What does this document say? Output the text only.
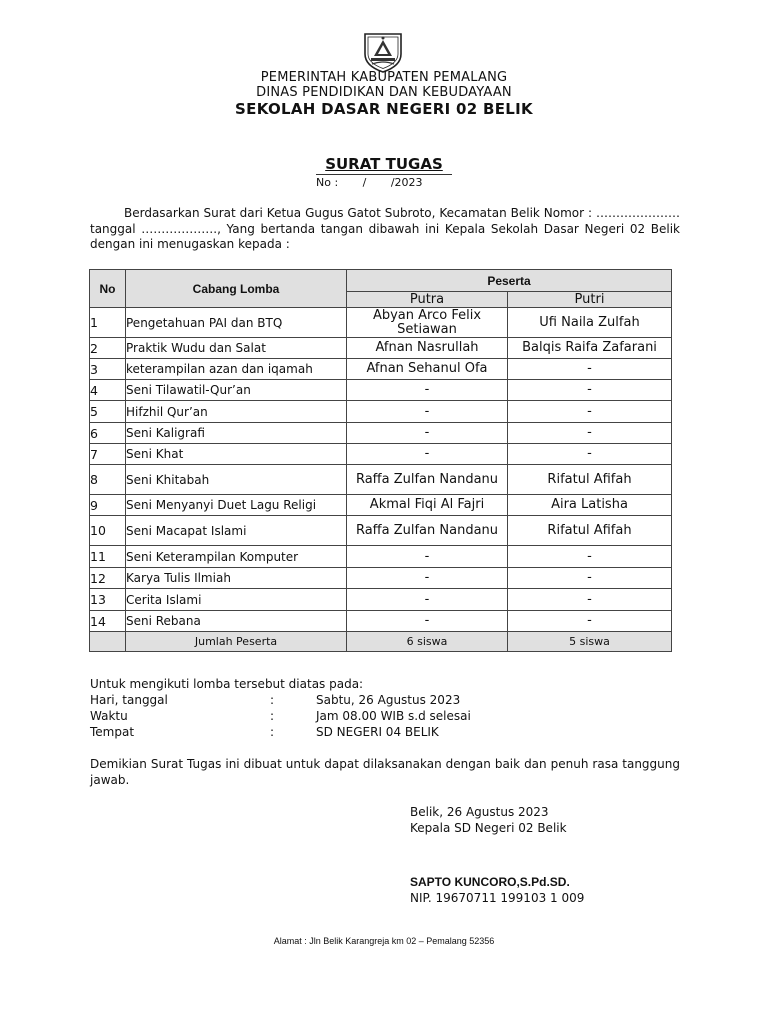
PEMERINTAH KABUPATEN PEMALANG
DINAS PENDIDIKAN DAN KEBUDAYAAN
SEKOLAH DASAR NEGERI 02 BELIK
SURAT TUGAS
No :       /       /2023
Berdasarkan Surat dari Ketua Gugus Gatot Subroto, Kecamatan Belik Nomor : ………………… tanggal ………………., Yang bertanda tangan dibawah ini Kepala Sekolah Dasar Negeri 02 Belik dengan ini menugaskan kepada :
No	Cabang Lomba	Peserta	
		Putra	Putri
1	Pengetahuan PAI dan BTQ	Abyan Arco Felix Setiawan	Ufi Naila Zulfah
2	Praktik Wudu dan Salat	Afnan Nasrullah	Balqis Raifa Zafarani
3	keterampilan azan dan iqamah	Afnan Sehanul Ofa	-
4	Seni Tilawatil-Qur’an	-	-
5	Hifzhil Qur’an	-	-
6	Seni Kaligrafi	-	-
7	Seni Khat	-	-
8	Seni Khitabah	Raffa Zulfan Nandanu	Rifatul Afifah
9	Seni Menyanyi Duet Lagu Religi	Akmal Fiqi Al Fajri	Aira Latisha
10	Seni Macapat Islami	Raffa Zulfan Nandanu	Rifatul Afifah
11	Seni Keterampilan Komputer	-	-
12	Karya Tulis Ilmiah	-	-
13	Cerita Islami	-	-
14	Seni Rebana	-	-
	Jumlah Peserta	6 siswa	5 siswa
Untuk mengikuti lomba tersebut diatas pada:
Hari, tanggal	:	Sabtu, 26 Agustus 2023
Waktu	:	Jam 08.00 WIB s.d selesai
Tempat	:	SD NEGERI 04 BELIK
Demikian Surat Tugas ini dibuat untuk dapat dilaksanakan dengan baik dan penuh rasa tanggung jawab.
Belik, 26 Agustus 2023
Kepala SD Negeri 02 Belik
SAPTO KUNCORO,S.Pd.SD.
NIP. 19670711 199103 1 009
Alamat : Jln Belik Karangreja km 02 – Pemalang 52356
